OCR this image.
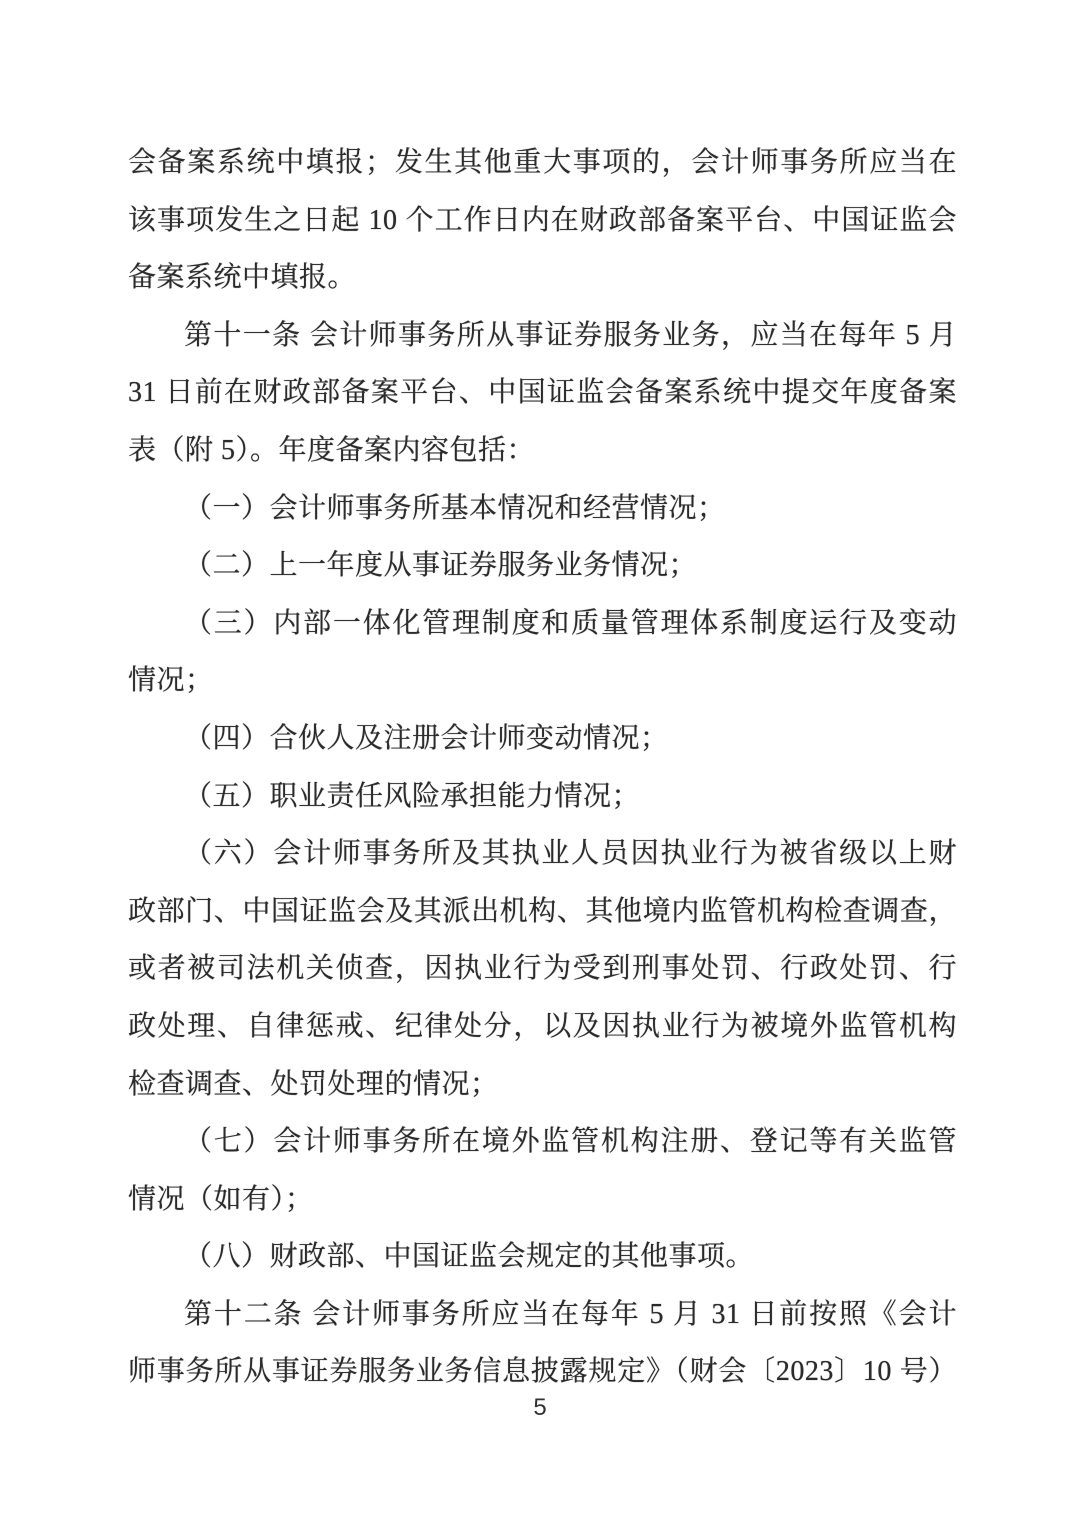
会备案系统中填报；发生其他重大事项的，会计师事务所应当在
该事项发生之日起 10 个工作日内在财政部备案平台、中国证监会
备案系统中填报。
第十一条 会计师事务所从事证券服务业务，应当在每年 5 月
31 日前在财政部备案平台、中国证监会备案系统中提交年度备案
表（附 5）。年度备案内容包括：
（一）会计师事务所基本情况和经营情况；
（二）上一年度从事证券服务业务情况；
（三）内部一体化管理制度和质量管理体系制度运行及变动
情况；
（四）合伙人及注册会计师变动情况；
（五）职业责任风险承担能力情况；
（六）会计师事务所及其执业人员因执业行为被省级以上财
政部门、中国证监会及其派出机构、其他境内监管机构检查调查，
或者被司法机关侦查，因执业行为受到刑事处罚、行政处罚、行
政处理、自律惩戒、纪律处分，以及因执业行为被境外监管机构
检查调查、处罚处理的情况；
（七）会计师事务所在境外监管机构注册、登记等有关监管
情况（如有）；
（八）财政部、中国证监会规定的其他事项。
第十二条 会计师事务所应当在每年 5 月 31 日前按照《会计
师事务所从事证券服务业务信息披露规定》（财会〔2023〕10 号）
5
